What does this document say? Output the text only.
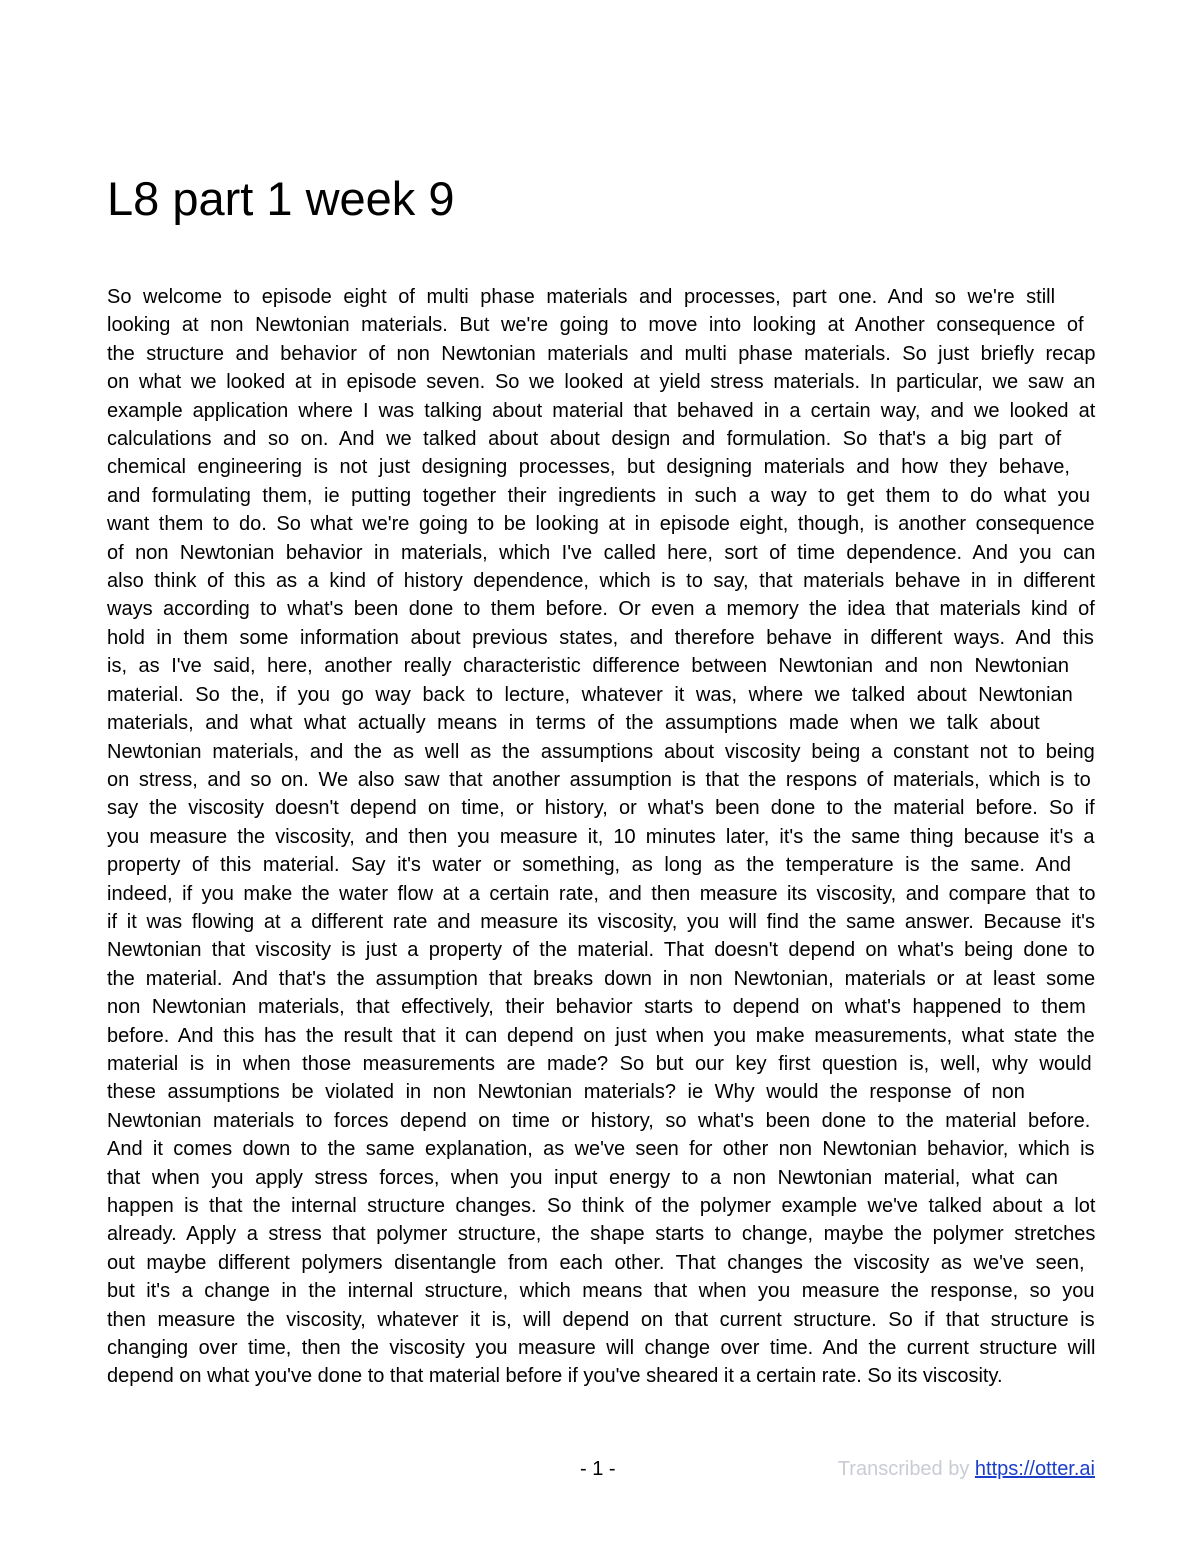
L8 part 1 week 9
So welcome to episode eight of multi phase materials and processes, part one. And so we're still
looking at non Newtonian materials. But we're going to move into looking at Another consequence of
the structure and behavior of non Newtonian materials and multi phase materials. So just briefly recap
on what we looked at in episode seven. So we looked at yield stress materials. In particular, we saw an
example application where I was talking about material that behaved in a certain way, and we looked at
calculations and so on. And we talked about about design and formulation. So that's a big part of
chemical engineering is not just designing processes, but designing materials and how they behave,
and formulating them, ie putting together their ingredients in such a way to get them to do what you
want them to do. So what we're going to be looking at in episode eight, though, is another consequence
of non Newtonian behavior in materials, which I've called here, sort of time dependence. And you can
also think of this as a kind of history dependence, which is to say, that materials behave in in different
ways according to what's been done to them before. Or even a memory the idea that materials kind of
hold in them some information about previous states, and therefore behave in different ways. And this
is, as I've said, here, another really characteristic difference between Newtonian and non Newtonian
material. So the, if you go way back to lecture, whatever it was, where we talked about Newtonian
materials, and what what actually means in terms of the assumptions made when we talk about
Newtonian materials, and the as well as the assumptions about viscosity being a constant not to being
on stress, and so on. We also saw that another assumption is that the respons of materials, which is to
say the viscosity doesn't depend on time, or history, or what's been done to the material before. So if
you measure the viscosity, and then you measure it, 10 minutes later, it's the same thing because it's a
property of this material. Say it's water or something, as long as the temperature is the same. And
indeed, if you make the water flow at a certain rate, and then measure its viscosity, and compare that to
if it was flowing at a different rate and measure its viscosity, you will find the same answer. Because it's
Newtonian that viscosity is just a property of the material. That doesn't depend on what's being done to
the material. And that's the assumption that breaks down in non Newtonian, materials or at least some
non Newtonian materials, that effectively, their behavior starts to depend on what's happened to them
before. And this has the result that it can depend on just when you make measurements, what state the
material is in when those measurements are made? So but our key first question is, well, why would
these assumptions be violated in non Newtonian materials? ie Why would the response of non
Newtonian materials to forces depend on time or history, so what's been done to the material before.
And it comes down to the same explanation, as we've seen for other non Newtonian behavior, which is
that when you apply stress forces, when you input energy to a non Newtonian material, what can
happen is that the internal structure changes. So think of the polymer example we've talked about a lot
already. Apply a stress that polymer structure, the shape starts to change, maybe the polymer stretches
out maybe different polymers disentangle from each other. That changes the viscosity as we've seen,
but it's a change in the internal structure, which means that when you measure the response, so you
then measure the viscosity, whatever it is, will depend on that current structure. So if that structure is
changing over time, then the viscosity you measure will change over time. And the current structure will
depend on what you've done to that material before if you've sheared it a certain rate. So its viscosity.
- 1 -	Transcribed by https://otter.ai
